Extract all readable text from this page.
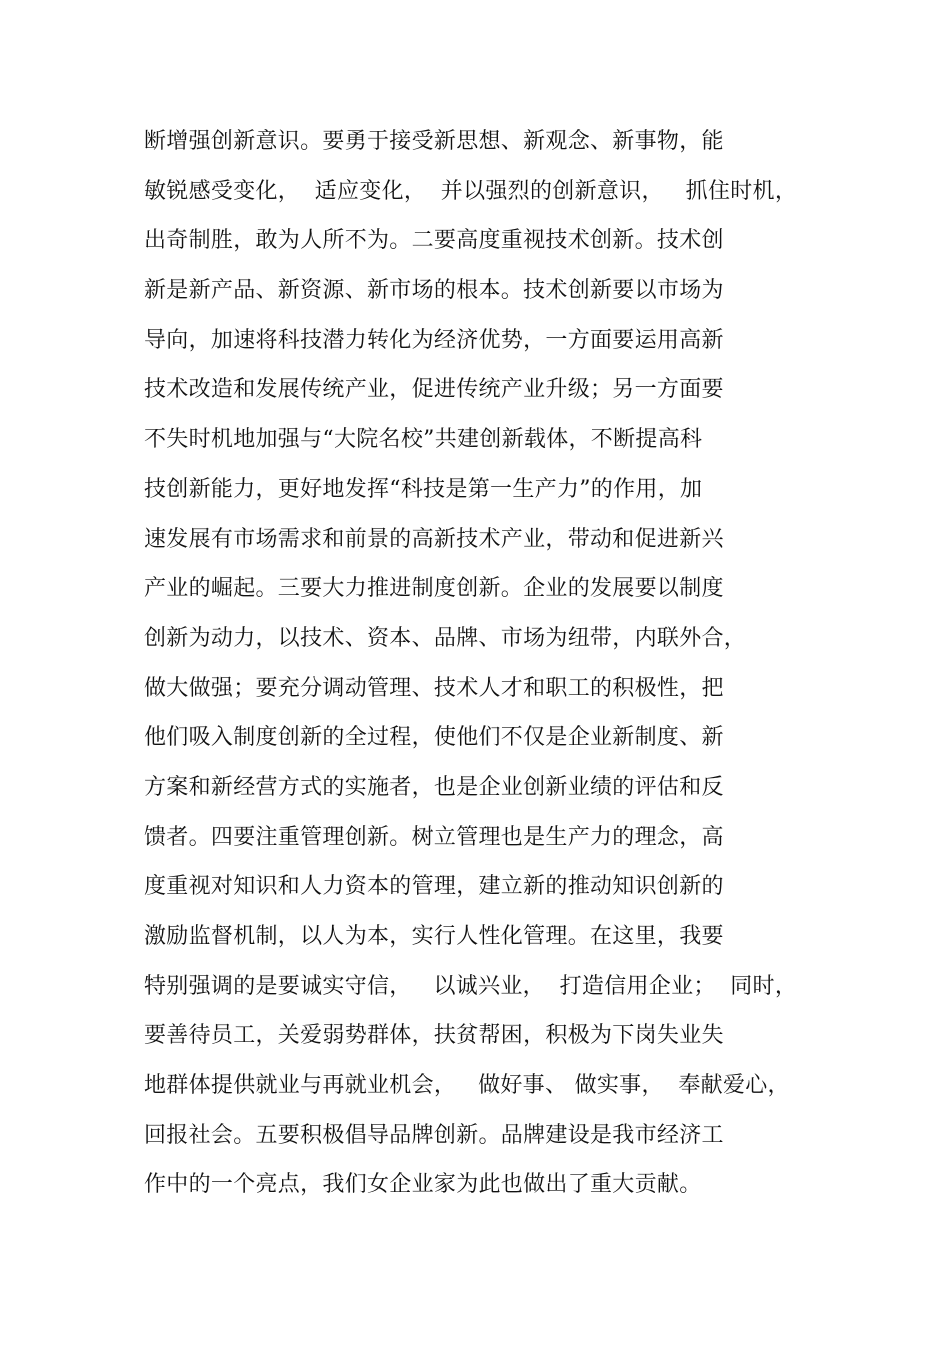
断增强创新意识。要勇于接受新思想、新观念、新事物，能
敏锐感受变化，  适应变化，  并以强烈的创新意识，   抓住时机，
出奇制胜，敢为人所不为。二要高度重视技术创新。技术创
新是新产品、新资源、新市场的根本。技术创新要以市场为
导向，加速将科技潜力转化为经济优势，一方面要运用高新
技术改造和发展传统产业，促进传统产业升级；另一方面要
不失时机地加强与“大院名校”共建创新载体，不断提高科
技创新能力，更好地发挥“科技是第一生产力”的作用，加
速发展有市场需求和前景的高新技术产业，带动和促进新兴
产业的崛起。三要大力推进制度创新。企业的发展要以制度
创新为动力，以技术、资本、品牌、市场为纽带，内联外合，
做大做强；要充分调动管理、技术人才和职工的积极性，把
他们吸入制度创新的全过程，使他们不仅是企业新制度、新
方案和新经营方式的实施者，也是企业创新业绩的评估和反
馈者。四要注重管理创新。树立管理也是生产力的理念，高
度重视对知识和人力资本的管理，建立新的推动知识创新的
激励监督机制，以人为本，实行人性化管理。在这里，我要
特别强调的是要诚实守信，   以诚兴业，  打造信用企业；  同时，
要善待员工，关爱弱势群体，扶贫帮困，积极为下岗失业失
地群体提供就业与再就业机会，   做好事、 做实事，  奉献爱心，
回报社会。五要积极倡导品牌创新。品牌建设是我市经济工
作中的一个亮点，我们女企业家为此也做出了重大贡献。
